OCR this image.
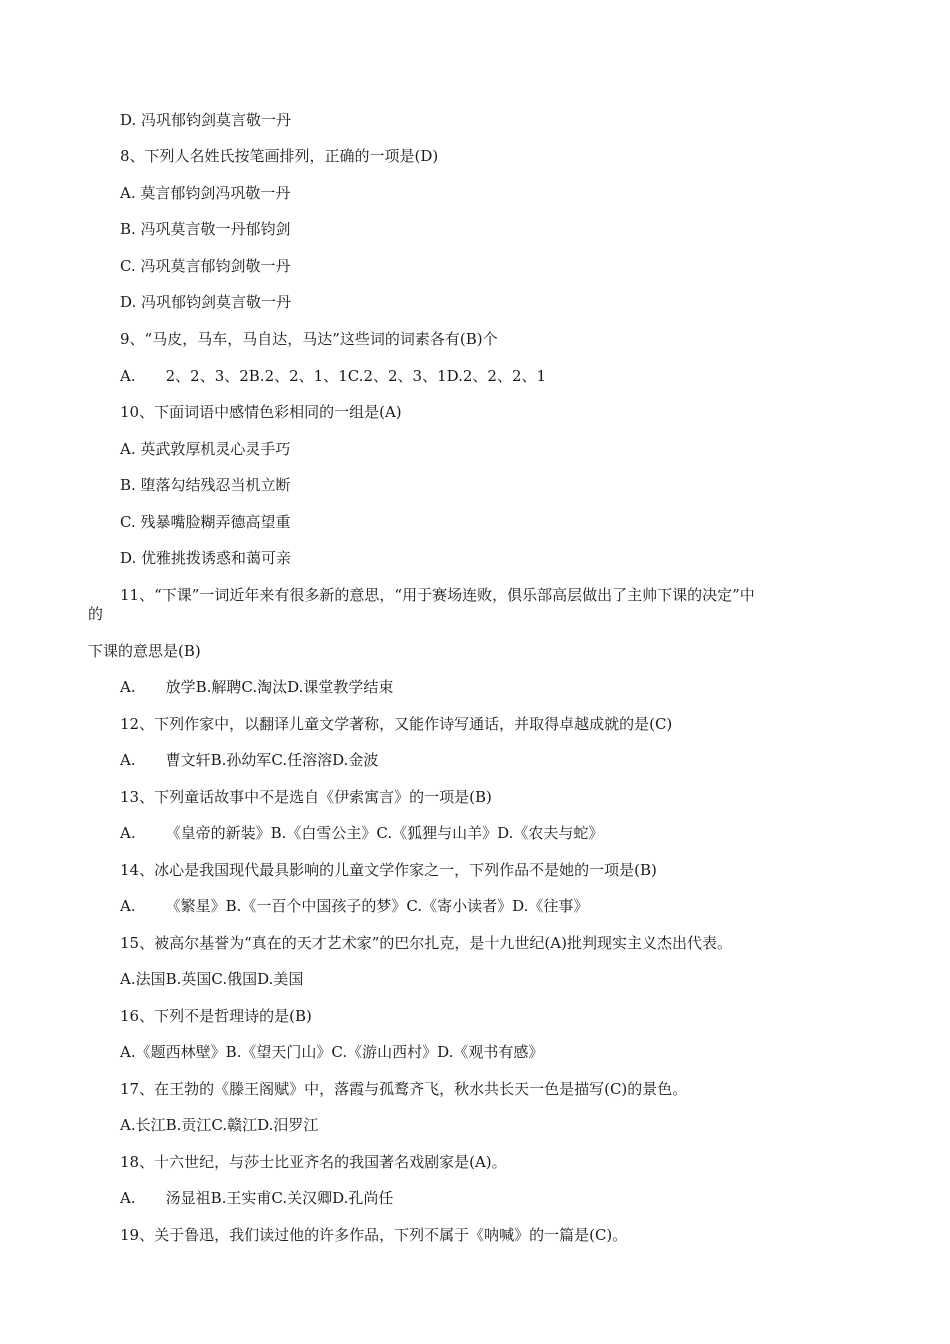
D. 冯巩郁钧剑莫言敬一丹
8、下列人名姓氏按笔画排列，正确的一项是(D)
A. 莫言郁钧剑冯巩敬一丹
B. 冯巩莫言敬一丹郁钧剑
C. 冯巩莫言郁钧剑敬一丹
D. 冯巩郁钧剑莫言敬一丹
9、“马皮，马车，马自达，马达”这些词的词素各有(B)个
A. 2、2、3、2B.2、2、1、1C.2、2、3、1D.2、2、2、1
10、下面词语中感情色彩相同的一组是(A)
A. 英武敦厚机灵心灵手巧
B. 堕落勾结残忍当机立断
C. 残暴嘴脸糊弄德高望重
D. 优雅挑拨诱惑和蔼可亲
11、“下课”一词近年来有很多新的意思，“用于赛场连败，俱乐部高层做出了主帅下课的决定”中
的
下课的意思是(B)
A. 放学B.解聘C.淘汰D.课堂教学结束
12、下列作家中，以翻译儿童文学著称，又能作诗写通话，并取得卓越成就的是(C)
A. 曹文轩B.孙幼军C.任溶溶D.金波
13、下列童话故事中不是选自《伊索寓言》的一项是(B)
A. 《皇帝的新装》B.《白雪公主》C.《狐狸与山羊》D.《农夫与蛇》
14、冰心是我国现代最具影响的儿童文学作家之一，下列作品不是她的一项是(B)
A. 《繁星》B.《一百个中国孩子的梦》C.《寄小读者》D.《往事》
15、被高尔基誉为“真在的天才艺术家”的巴尔扎克，是十九世纪(A)批判现实主义杰出代表。
A.法国B.英国C.俄国D.美国
16、下列不是哲理诗的是(B)
A.《题西林壁》B.《望天门山》C.《游山西村》D.《观书有感》
17、在王勃的《滕王阁赋》中，落霞与孤鹜齐飞，秋水共长天一色是描写(C)的景色。
A.长江B.贡江C.赣江D.汨罗江
18、十六世纪，与莎士比亚齐名的我国著名戏剧家是(A)。
A. 汤显祖B.王实甫C.关汉卿D.孔尚任
19、关于鲁迅，我们读过他的许多作品，下列不属于《呐喊》的一篇是(C)。
